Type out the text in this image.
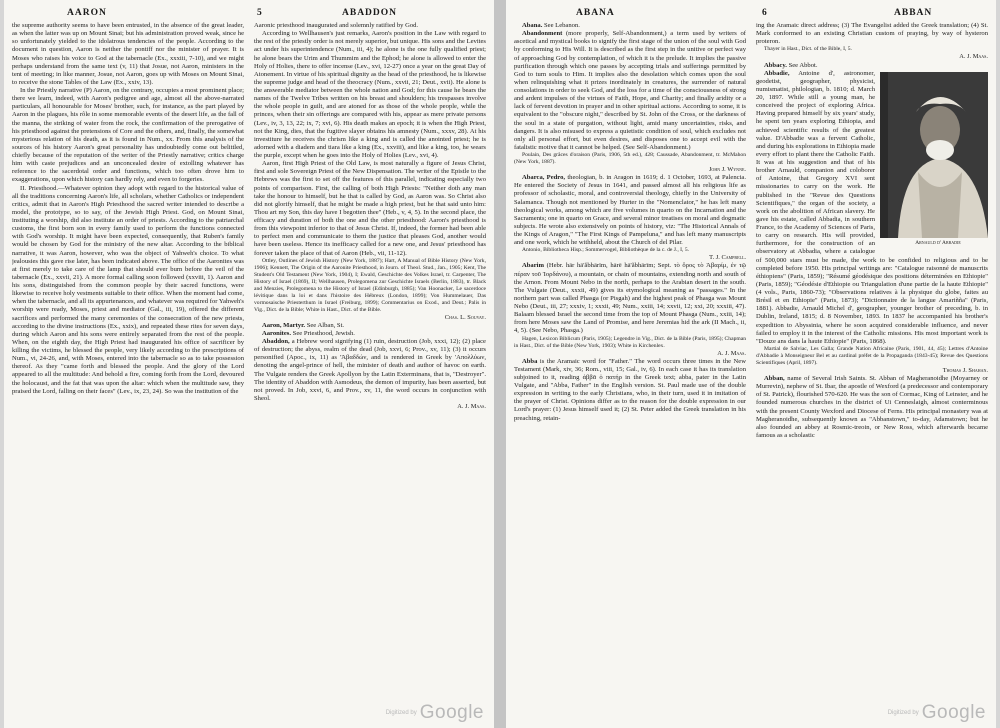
AARON	5	ABADDON

the supreme authority seems to have been entrusted, in the absence of the great leader, as when the latter was up on Mount Sinai; but his administration proved weak, since he so unfortunately yielded to the idolatrous tendencies of the people. According to the document in question, Aaron is neither the pontiff nor the minister of prayer. It is Moses who raises his voice to God at the tabernacle (Ex., xxxiii, 7-10), and we might perhaps understand from the same text (v, 11) that Josue, not Aaron, ministers in the tent of meeting; in like manner, Josue, not Aaron, goes up with Moses on Mount Sinai, to receive the stone Tables of the Law (Ex., xxiv, 13).

In the Priestly narrative (P) Aaron, on the contrary, occupies a most prominent place; there we learn, indeed, with Aaron's pedigree and age, almost all the above-narrated particulars, all honourable for Moses' brother, such, for instance, as the part played by Aaron in the plagues, his rôle in some memorable events of the desert life, as the fall of the manna, the striking of water from the rock, the confirmation of the prerogative of his priesthood against the pretensions of Core and the others, and, finally, the somewhat mysterious relation of his death, as it is found in Num., xx. From this analysis of the sources of his history Aaron's great personality has undoubtedly come out belittled, chiefly because of the reputation of the writer of the Priestly narrative; critics charge him with caste prejudices and an unconcealed desire of extolling whatever has reference to the sacerdotal order and functions, which too often drove him to exaggerations, upon which history can hardly rely, and even to forgeries.

II. Priesthood.—Whatever opinion they adopt with regard to the historical value of all the traditions concerning Aaron's life, all scholars, whether Catholics or independent critics, admit that in Aaron's High Priesthood the sacred writer intended to describe a model, the prototype, so to say, of the Jewish High Priest. God, on Mount Sinai, instituting a worship, did also institute an order of priests. According to the patriarchal customs, the first born son in every family used to perform the functions connected with God's worship. It might have been expected, consequently, that Ruben's family would be chosen by God for the ministry of the new altar. According to the biblical narrative, it was Aaron, however, who was the object of Yahweh's choice. To what jealousies this gave rise later, has been indicated above. The office of the Aaronites was at first merely to take care of the lamp that should ever burn before the veil of the tabernacle (Ex., xxvii, 21). A more formal calling soon followed (xxviii, 1). Aaron and his sons, distinguished from the common people by their sacred functions, were likewise to receive holy vestments suitable to their office. When the moment had come, when the tabernacle, and all its appurtenances, and whatever was required for Yahweh's worship were ready, Moses, priest and mediator (Gal., iii, 19), offered the different sacrifices and performed the many ceremonies of the consecration of the new priests, according to the divine instructions (Ex., xxix), and repeated these rites for seven days, during which Aaron and his sons were entirely separated from the rest of the people. When, on the eighth day, the High Priest had inaugurated his office of sacrificer by killing the victims, he blessed the people, very likely according to the prescriptions of Num., vi, 24-26, and, with Moses, entered into the tabernacle so as to take possession thereof. As they "came forth and blessed the people. And the glory of the Lord appeared to all the multitude: And behold a fire, coming forth from the Lord, devoured the holocaust, and the fat that was upon the altar: which when the multitude saw, they praised the Lord, falling on their faces" (Lev., ix, 23, 24). So was the institution of the

Aaronic priesthood inaugurated and solemnly ratified by God.

According to Wellhausen's just remarks, Aaron's position in the Law with regard to the rest of the priestly order is not merely superior, but unique. His sons and the Levites act under his superintendence (Num., iii, 4); he alone is the one fully qualified priest; he alone bears the Urim and Thummim and the Ephod; he alone is allowed to enter the Holy of Holies, there to offer incense (Lev., xvi, 12-27) once a year on the great Day of Atonement. In virtue of his spiritual dignity as the head of the priesthood, he is likewise the supreme judge and head of the theocracy (Num., xxvii, 21; Deut., xvii). He alone is the answerable mediator between the whole nation and God; for this cause he bears the names of the Twelve Tribes written on his breast and shoulders; his trespasses involve the whole people in guilt, and are atoned for as those of the whole people, while the princes, when their sin offerings are compared with his, appear as mere private persons (Lev., iv, 3, 13, 22; ix, 7; xvi, 6). His death makes an epoch; it is when the High Priest, not the King, dies, that the fugitive slayer obtains his amnesty (Num., xxxv, 28). At his investiture he receives the chrism like a king and is called the anointed priest; he is adorned with a diadem and tiara like a king (Ex., xxviii), and like a king, too, he wears the purple, except when he goes into the Holy of Holies (Lev., xvi, 4).

Aaron, first High Priest of the Old Law, is most naturally a figure of Jesus Christ, first and sole Sovereign Priest of the New Dispensation. The writer of the Epistle to the Hebrews was the first to set off the features of this parallel, indicating especially two points of comparison. First, the calling of both High Priests: "Neither doth any man take the honour to himself, but he that is called by God, as Aaron was. So Christ also did not glorify himself, that he might be made a high priest, but he that said unto him: Thou art my Son, this day have I begotten thee" (Heb., v, 4, 5). In the second place, the efficacy and duration of both the one and the other priesthood: Aaron's priesthood is from this viewpoint inferior to that of Jesus Christ. If, indeed, the former had been able to perfect men and communicate to them the justice that pleases God, another would have been useless. Hence its inefficacy called for a new one, and Jesus' priesthood has forever taken the place of that of Aaron (Heb., vii, 11-12).

Ottley, Outlines of Jewish History (New York, 1887); Hart, A Manual of Bible History (New York, 1906); Kennett, The Origin of the Aaronite Priesthood, in Journ. of Theol. Stud., Jan., 1905; Kent, The Student's Old Testament (New York, 1904), I; Ewald, Geschichte des Volkes Israel, tr. Carpenter, The History of Israel (1869), II; Wellhausen, Prolegomena zur Geschichte Israels (Berlin, 1883), tr. Black and Menzies, Prolegomena to the History of Israel (Edinburgh, 1885); Van Hoonacker, Le sacerdoce lévitique dans la loi et dans l'histoire des Hébreux (London, 1899); Von Hummelauer, Das vormosaische Priesterthum in Israel (Freiburg, 1899); Commentarius on Exod., and Deut.; Palis in Vig., Dict. de la Bible; White in Hast., Dict. of the Bible.

Chas. L. Souvay.

Aaron, Martyr. See Alban, St.

Aaronites. See Priesthood, Jewish.

Abaddon, a Hebrew word signifying (1) ruin, destruction (Job, xxxi, 12); (2) place of destruction; the abyss, realm of the dead (Job, xxvi, 6; Prov., xv, 11); (3) it occurs personified (Apoc., ix, 11) as 'Ἀβαδδών, and is rendered in Greek by 'Απολλύων, denoting the angel-prince of hell, the minister of death and author of havoc on earth. The Vulgate renders the Greek Apollyon by the Latin Exterminans, that is, "Destroyer". The identity of Abaddon with Asmodeus, the demon of impurity, has been asserted, but not proved. In Job, xxvi, 6, and Prov., xv, 11, the word occurs in conjunction with Sheol.

A. J. Maas.

$^{Digitized by}$ Google
ABANA	6	ABBAN

Abana. See Lebanon.

Abandonment (more properly, Self-Abandonment,) a term used by writers of ascetical and mystical books to signify the first stage of the union of the soul with God by conforming to His Will. It is described as the first step in the unitive or perfect way of approaching God by contemplation, of which it is the prelude. It implies the passive purification through which one passes by accepting trials and sufferings permitted by God to turn souls to Him. It implies also the desolation which comes upon the soul when relinquishing what it prizes inordinately in creatures, the surrender of natural consolations in order to seek God, and the loss for a time of the consciousness of strong and ardent impulses of the virtues of Faith, Hope, and Charity; and finally aridity or a lack of fervent devotion in prayer and in other spiritual actions. According to some, it is equivalent to the "obscure night," described by St. John of the Cross, or the darkness of the soul in a state of purgation, without light, amid many uncertainties, risks, and dangers. It is also misused to express a quietistic condition of soul, which excludes not only all personal effort, but even desires, and disposes one to accept evil with the fatalistic motive that it cannot be helped. (See Self-Abandonment.)

Poulain, Des grâces d'oraison (Paris, 1906, 5th ed.), 428; Caussade, Abandonment, tr. McMahon (New York, 1887).

John J. Wynne.

Abarca, Pedro, theologian, b. in Aragon in 1619; d. 1 October, 1693, at Palencia. He entered the Society of Jesus in 1641, and passed almost all his religious life as professor of scholastic, moral, and controversial theology, chiefly in the University of Salamanca. Though not mentioned by Hurter in the "Nomenclator," he has left many theological works, among which are five volumes in quarto on the Incarnation and the Sacraments; one in quarto on Grace, and several minor treatises on moral and dogmatic subjects. He wrote also extensively on points of history, viz: "The Historical Annals of the Kings of Aragon," "The First Kings of Pampeluna," and has left many manuscripts and one work, which he withheld, about the Church of del Pilar.

Antonio, Bibliotheca Hisp.; Sommervogel, Bibliothèque de la c. de J., I, 5.

T. J. Campbell.

Abarim (Hebr. hār hā'ăbhārīm, hārē hā'ăbhārīm; Sept. τὸ ὄρος τὸ Ἀβαρίμ, ἐν τῷ πέραν τοῦ Ἰορδάνου), a mountain, or chain of mountains, extending north and south of the Arnon. From Mount Nebo in the north, perhaps to the Arabian desert in the south. The Vulgate (Deut., xxxii, 49) gives its etymological meaning as "passages." In the northern part was called Phasga (or Pisgah) and the highest peak of Phasga was Mount Nebo (Deut., iii, 27; xxxiv, 1; xxxii, 49; Num., xxiii, 14; xxvii, 12; xxi, 20; xxxiii, 47). Balaam blessed Israel the second time from the top of Mount Phasga (Num., xxiii, 14); from here Moses saw the Land of Promise, and here Jeremias hid the ark (II Mach., ii, 4, 5). (See Nebo, Phasga.)

Hagen, Lexicon Biblicum (Paris, 1905); Legendre in Vig., Dict. de la Bible (Paris, 1895); Chapman in Hast., Dict. of the Bible (New York, 1903); White in Kirchenlex.

A. J. Maas.

Abba is the Aramaic word for "Father." The word occurs three times in the New Testament (Mark, xiv, 36; Rom., viii, 15; Gal., iv, 6). In each case it has its translation subjoined to it, reading ἀββᾶ ὁ πατήρ in the Greek text; abba, pater in the Latin Vulgate, and "Abba, Father" in the English version. St. Paul made use of the double expression in writing to the early Christians, who, in their turn, used it in imitation of the prayer of Christ. Opinions differ as to the reason for the double expression in our Lord's prayer: (1) Jesus himself used it; (2) St. Peter added the Greek translation in his preaching, retain-

ing the Aramaic direct address; (3) The Evangelist added the Greek translation; (4) St. Mark conformed to an existing Christian custom of praying, by way of hysteron proteron.

Thayer in Hast., Dict. of the Bible, I, 5.

A. J. Maas.

Abbacy. See Abbot.

Arnauld d' Abbadie
Abbadie, Antoine d', astronomer, geodetist, geographer, physicist, numismatist, philologian, b. 1810; d. March 20, 1897. While still a young man, he conceived the project of exploring Africa. Having prepared himself by six years' study, he spent ten years exploring Ethiopia, and achieved scientific results of the greatest value. D'Abbadie was a fervent Catholic, and during his explorations in Ethiopia made every effort to plant there the Catholic Faith. It was at his suggestion and that of his brother Arnauld, companion and coloborer of Antoine, that Gregory XVI sent missionaries to carry on the work. He published in the "Revue des Questions Scientifiques," the organ of the society, a work on the abolition of African slavery. He gave his estate, called Abbadia, in southern France, to the Academy of Sciences of Paris, to carry on research. His will provided, furthermore, for the construction of an observatory at Abbadia, where a catalogue of 500,000 stars must be made, the work to be confided to religious and to be completed before 1950. His principal writings are: "Catalogue raisonné de manuscrits éthiopiens" (Paris, 1859); "Résumé géodésique des positions déterminées en Ethiopie" (Paris, 1859); "Géodésie d'Ethiopie ou Triangulation d'une partie de la haute Ethiopie" (4 vols., Paris, 1860-73); "Observations relatives à la physique du globe, faites au Brésil et en Ethiopie" (Paris, 1873); "Dictionnaire de la langue Amariñña" (Paris, 1881). Abbadie, Arnauld Michel d', geographer, younger brother of preceding, b. in Dublin, Ireland, 1815; d. 8 November, 1893. In 1837 he accompanied his brother's expedition to Abyssinia, where he soon acquired considerable influence, and never failed to employ it in the interest of the Catholic missions. His most important work is "Douze ans dans la haute Ethiopie" (Paris, 1868).

Martial de Salviac, Les Galla; Grande Nation Africaine (Paris, 1901, 44, 45); Lettres d'Antoine d'Abbadie à Monseigneur Bel et au cardinal préfet de la Propaganda (1843-45); Revue des Questions Scientifiques (April, 1897).

Thomas J. Shahan.

Abban, name of Several Irish Saints. St. Abban of Magheranoidhe (Moyarney or Murrevin), nephew of St. Ibar, the apostle of Wexford (a predecessor and contemporary of St. Patrick), flourished 570-620. He was the son of Cormac, King of Leinster, and he founded numerous churches in the district of Ui Cenneslaigh, almost conterminous with the present County Wexford and Diocese of Ferns. His principal monastery was at Magheranoidhe, subsequently known as "Abbanstown," to-day, Adamstown; but he also founded an abbey at Rosmic-treoin, or New Ross, which afterwards became famous as a scholastic

$^{Digitized by}$ Google
